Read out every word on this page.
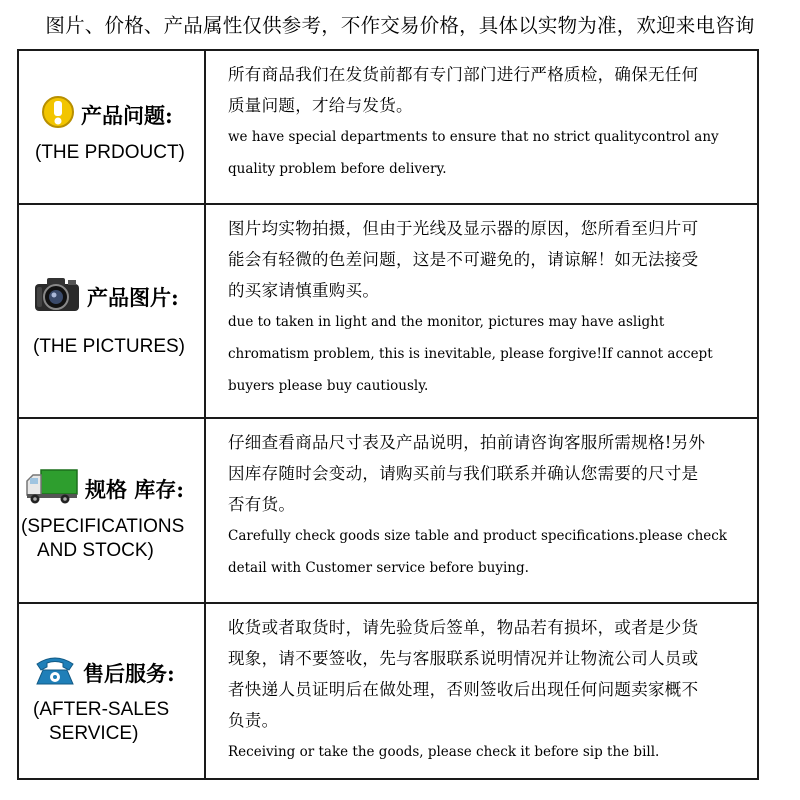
图片、价格、产品属性仅供参考，不作交易价格，具体以实物为准，欢迎来电咨询
产品问题:
(THE PRDOUCT)

所有商品我们在发货前都有专门部门进行严格质检，确保无任何

质量问题，才给与发货。

we have special departments to ensure that no strict qualitycontrol any

quality problem before delivery.

产品图片:
(THE PICTURES)

图片均实物拍摄，但由于光线及显示器的原因，您所看至归片可

能会有轻微的色差问题，这是不可避免的，请谅解！如无法接受

的买家请慎重购买。

due to taken in light and the monitor, pictures may have aslight

chromatism problem, this is inevitable, please forgive!If cannot accept

buyers please buy cautiously.

规格 库存:
(SPECIFICATIONS
AND STOCK)

仔细查看商品尺寸表及产品说明，拍前请咨询客服所需规格!另外

因库存随时会变动，请购买前与我们联系并确认您需要的尺寸是

否有货。

Carefully check goods size table and product specifications.please check

detail with Customer service before buying.

售后服务:
(AFTER-SALES
SERVICE)

收货或者取货时，请先验货后签单，物品若有损坏，或者是少货

现象，请不要签收，先与客服联系说明情况并让物流公司人员或

者快递人员证明后在做处理，否则签收后出现任何问题卖家概不

负责。

Receiving or take the goods, please check it before sip the bill.
